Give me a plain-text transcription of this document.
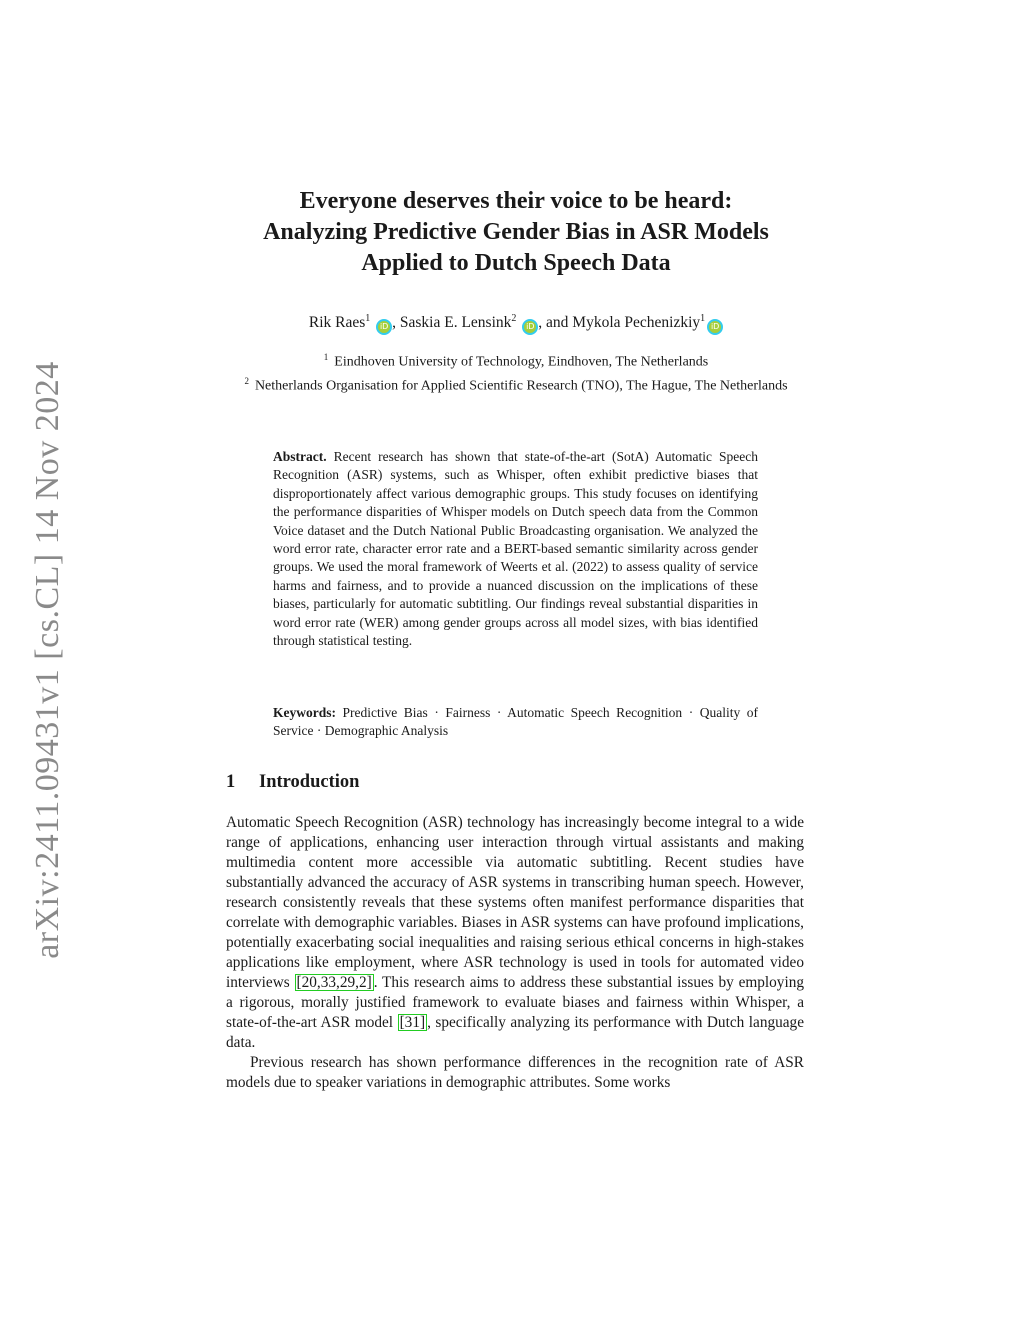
arXiv:2411.09431v1 [cs.CL] 14 Nov 2024
Everyone deserves their voice to be heard:
Analyzing Predictive Gender Bias in ASR Models
Applied to Dutch Speech Data
Rik Raes$^1$ iD , Saskia E. Lensink$^2$ iD , and Mykola Pechenizkiy$^1$iD
$^1$ Eindhoven University of Technology, Eindhoven, The Netherlands
$^2$ Netherlands Organisation for Applied Scientific Research (TNO), The Hague, The Netherlands
Abstract. Recent research has shown that state-of-the-art (SotA) Automatic Speech Recognition (ASR) systems, such as Whisper, often exhibit predictive biases that disproportionately affect various demographic groups. This study focuses on identifying the performance disparities of Whisper models on Dutch speech data from the Common Voice dataset and the Dutch National Public Broadcasting organisation. We analyzed the word error rate, character error rate and a BERT-based semantic similarity across gender groups. We used the moral framework of Weerts et al. (2022) to assess quality of service harms and fairness, and to provide a nuanced discussion on the implications of these biases, particularly for automatic subtitling. Our findings reveal substantial disparities in word error rate (WER) among gender groups across all model sizes, with bias identified through statistical testing.
Keywords: Predictive Bias · Fairness · Automatic Speech Recognition · Quality of Service · Demographic Analysis
1 Introduction

Automatic Speech Recognition (ASR) technology has increasingly become integral to a wide range of applications, enhancing user interaction through virtual assistants and making multimedia content more accessible via automatic subtitling. Recent studies have substantially advanced the accuracy of ASR systems in transcribing human speech. However, research consistently reveals that these systems often manifest performance disparities that correlate with demographic variables. Biases in ASR systems can have profound implications, potentially exacerbating social inequalities and raising serious ethical concerns in high-stakes applications like employment, where ASR technology is used in tools for automated video interviews [20,33,29,2] . This research aims to address these substantial issues by employing a rigorous, morally justified framework to evaluate biases and fairness within Whisper, a state-of-the-art ASR model [31] , specifically analyzing its performance with Dutch language data.

Previous research has shown performance differences in the recognition rate of ASR models due to speaker variations in demographic attributes. Some works
